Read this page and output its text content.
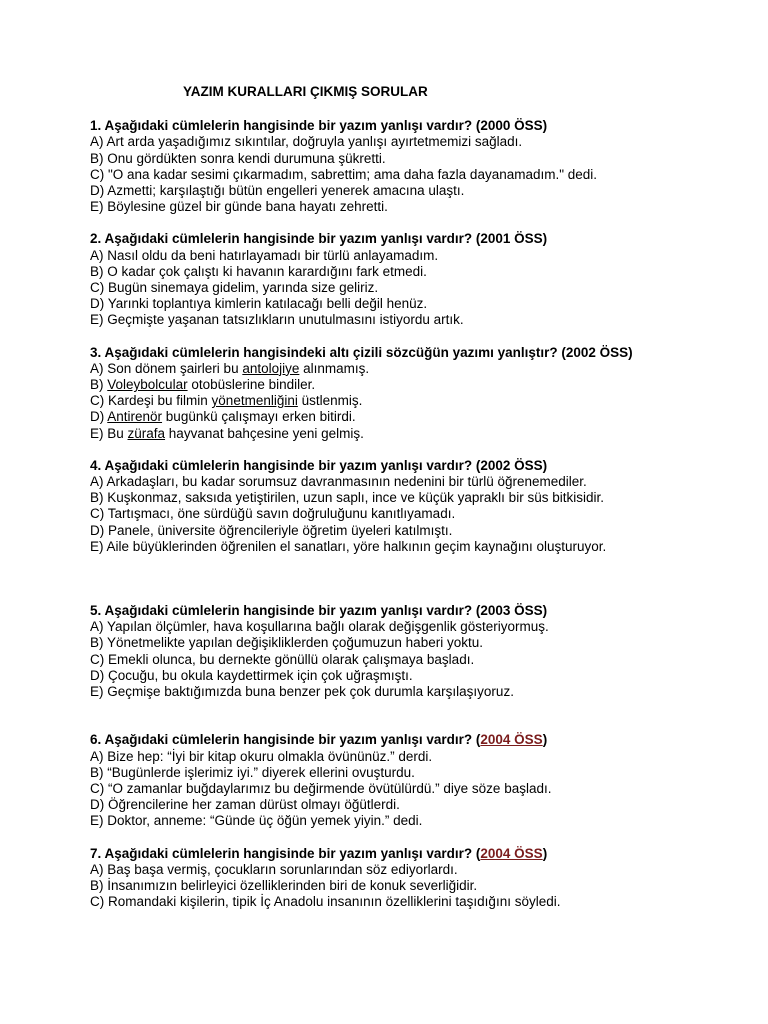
YAZIM KURALLARI ÇIKMIŞ SORULAR
1. Aşağıdaki cümlelerin hangisinde bir yazım yanlışı vardır? (2000 ÖSS)
A) Art arda yaşadığımız sıkıntılar, doğruyla yanlışı ayırtetmemizi sağladı.
B) Onu gördükten sonra kendi durumuna şükretti.
C) "O ana kadar sesimi çıkarmadım, sabrettim; ama daha fazla dayanamadım." dedi.
D) Azmetti; karşılaştığı bütün engelleri yenerek amacına ulaştı.
E) Böylesine güzel bir günde bana hayatı zehretti.
2. Aşağıdaki cümlelerin hangisinde bir yazım yanlışı vardır? (2001 ÖSS)
A) Nasıl oldu da beni hatırlayamadı bir türlü anlayamadım.
B) O kadar çok çalıştı ki havanın karardığını fark etmedi.
C) Bugün sinemaya gidelim, yarında size geliriz.
D) Yarınki toplantıya kimlerin katılacağı belli değil henüz.
E) Geçmişte yaşanan tatsızlıkların unutulmasını istiyordu artık.
3. Aşağıdaki cümlelerin hangisindeki altı çizili sözcüğün yazımı yanlıştır? (2002 ÖSS)
A) Son dönem şairleri bu antolojiye alınmamış.
B) Voleybolcular otobüslerine bindiler.
C) Kardeşi bu filmin yönetmenliğini üstlenmiş.
D) Antirenör bugünkü çalışmayı erken bitirdi.
E) Bu zürafa hayvanat bahçesine yeni gelmiş.
4. Aşağıdaki cümlelerin hangisinde bir yazım yanlışı vardır? (2002 ÖSS)
A) Arkadaşları, bu kadar sorumsuz davranmasının nedenini bir türlü öğrenemediler.
B) Kuşkonmaz, saksıda yetiştirilen, uzun saplı, ince ve küçük yapraklı bir süs bitkisidir.
C) Tartışmacı, öne sürdüğü savın doğruluğunu kanıtlıyamadı.
D) Panele, üniversite öğrencileriyle öğretim üyeleri katılmıştı.
E) Aile büyüklerinden öğrenilen el sanatları, yöre halkının geçim kaynağını oluşturuyor.
5. Aşağıdaki cümlelerin hangisinde bir yazım yanlışı vardır? (2003 ÖSS)
A) Yapılan ölçümler, hava koşullarına bağlı olarak değişgenlik gösteriyormuş.
B) Yönetmelikte yapılan değişikliklerden çoğumuzun haberi yoktu.
C) Emekli olunca, bu dernekte gönüllü olarak çalışmaya başladı.
D) Çocuğu, bu okula kaydettirmek için çok uğraşmıştı.
E) Geçmişe baktığımızda buna benzer pek çok durumla karşılaşıyoruz.
6. Aşağıdaki cümlelerin hangisinde bir yazım yanlışı vardır? (2004 ÖSS)
A) Bize hep: “İyi bir kitap okuru olmakla övününüz.” derdi.
B) “Bugünlerde işlerimiz iyi.” diyerek ellerini ovuşturdu.
C) “O zamanlar buğdaylarımız bu değirmende övütülürdü.” diye söze başladı.
D) Öğrencilerine her zaman dürüst olmayı öğütlerdi.
E) Doktor, anneme: “Günde üç öğün yemek yiyin.” dedi.
7. Aşağıdaki cümlelerin hangisinde bir yazım yanlışı vardır? (2004 ÖSS)
A) Baş başa vermiş, çocukların sorunlarından söz ediyorlardı.
B) İnsanımızın belirleyici özelliklerinden biri de konuk severliğidir.
C) Romandaki kişilerin, tipik İç Anadolu insanının özelliklerini taşıdığını söyledi.
